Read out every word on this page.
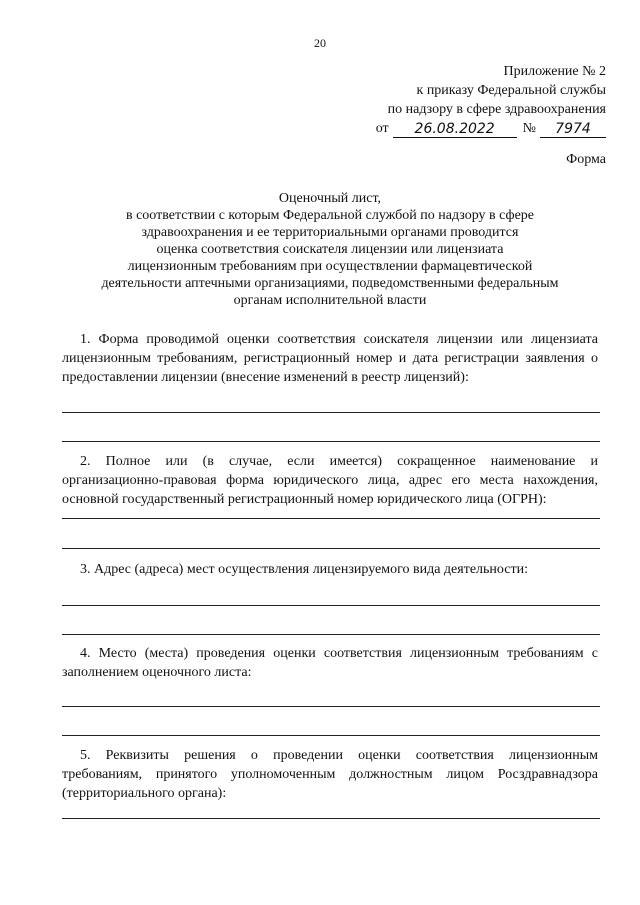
20
Приложение № 2
к приказу Федеральной службы
по надзору в сфере здравоохранения
от	26.08.2022	№	7974
Форма
Оценочный лист,
в соответствии с которым Федеральной службой по надзору в сфере
здравоохранения и ее территориальными органами проводится
оценка соответствия соискателя лицензии или лицензиата
лицензионным требованиям при осуществлении фармацевтической
деятельности аптечными организациями, подведомственными федеральным
органам исполнительной власти
1. Форма проводимой оценки соответствия соискателя лицензии или лицензиата лицензионным требованиям, регистрационный номер и дата регистрации заявления о предоставлении лицензии (внесение изменений в реестр лицензий):
2. Полное или (в случае, если имеется) сокращенное наименование и организационно-правовая форма юридического лица, адрес его места нахождения, основной государственный регистрационный номер юридического лица (ОГРН):
3. Адрес (адреса) мест осуществления лицензируемого вида деятельности:
4. Место (места) проведения оценки соответствия лицензионным требованиям с заполнением оценочного листа:
5. Реквизиты решения о проведении оценки соответствия лицензионным требованиям, принятого уполномоченным должностным лицом Росздравнадзора (территориального органа):
